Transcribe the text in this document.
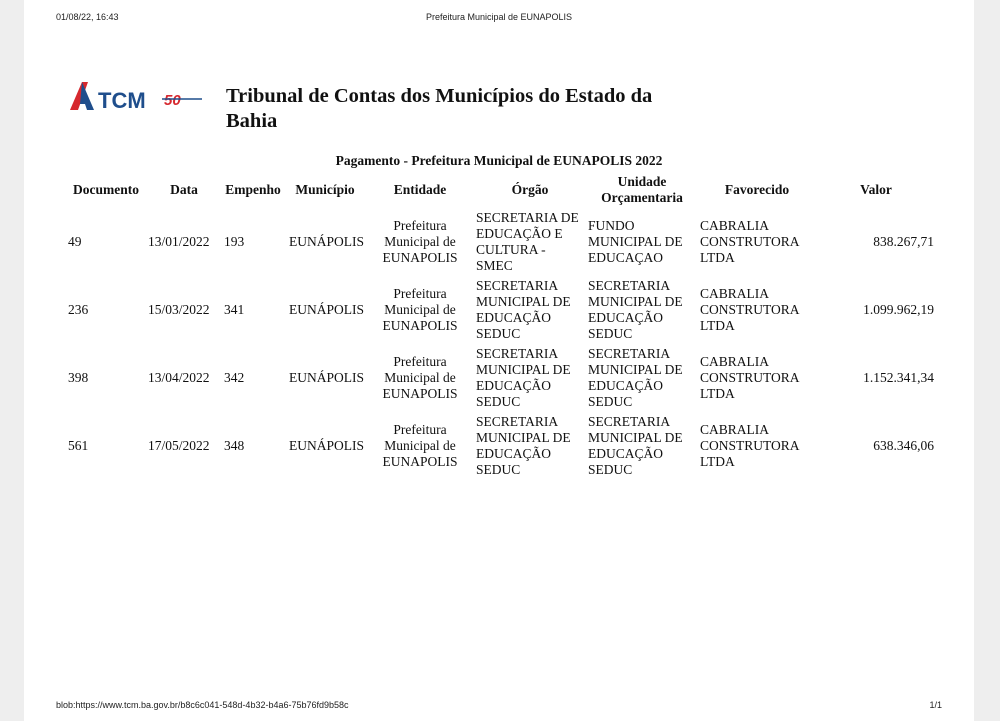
01/08/22, 16:43	Prefeitura Municipal de EUNAPOLIS
TCM 50 Tribunal de Contas dos Municípios do Estado da Bahia
Pagamento - Prefeitura Municipal de EUNAPOLIS 2022
Documento	Data	Empenho	Município	Entidade	Órgão	Unidade Orçamentaria	Favorecido	Valor
49	13/01/2022	193	EUNÁPOLIS	Prefeitura Municipal de EUNAPOLIS	SECRETARIA DE EDUCAÇÃO E CULTURA - SMEC	FUNDO MUNICIPAL DE EDUCAÇAO	CABRALIA CONSTRUTORA LTDA	838.267,71
236	15/03/2022	341	EUNÁPOLIS	Prefeitura Municipal de EUNAPOLIS	SECRETARIA MUNICIPAL DE EDUCAÇÃO SEDUC	SECRETARIA MUNICIPAL DE EDUCAÇÃO SEDUC	CABRALIA CONSTRUTORA LTDA	1.099.962,19
398	13/04/2022	342	EUNÁPOLIS	Prefeitura Municipal de EUNAPOLIS	SECRETARIA MUNICIPAL DE EDUCAÇÃO SEDUC	SECRETARIA MUNICIPAL DE EDUCAÇÃO SEDUC	CABRALIA CONSTRUTORA LTDA	1.152.341,34
561	17/05/2022	348	EUNÁPOLIS	Prefeitura Municipal de EUNAPOLIS	SECRETARIA MUNICIPAL DE EDUCAÇÃO SEDUC	SECRETARIA MUNICIPAL DE EDUCAÇÃO SEDUC	CABRALIA CONSTRUTORA LTDA	638.346,06
blob:https://www.tcm.ba.gov.br/b8c6c041-548d-4b32-b4a6-75b76fd9b58c	1/1
